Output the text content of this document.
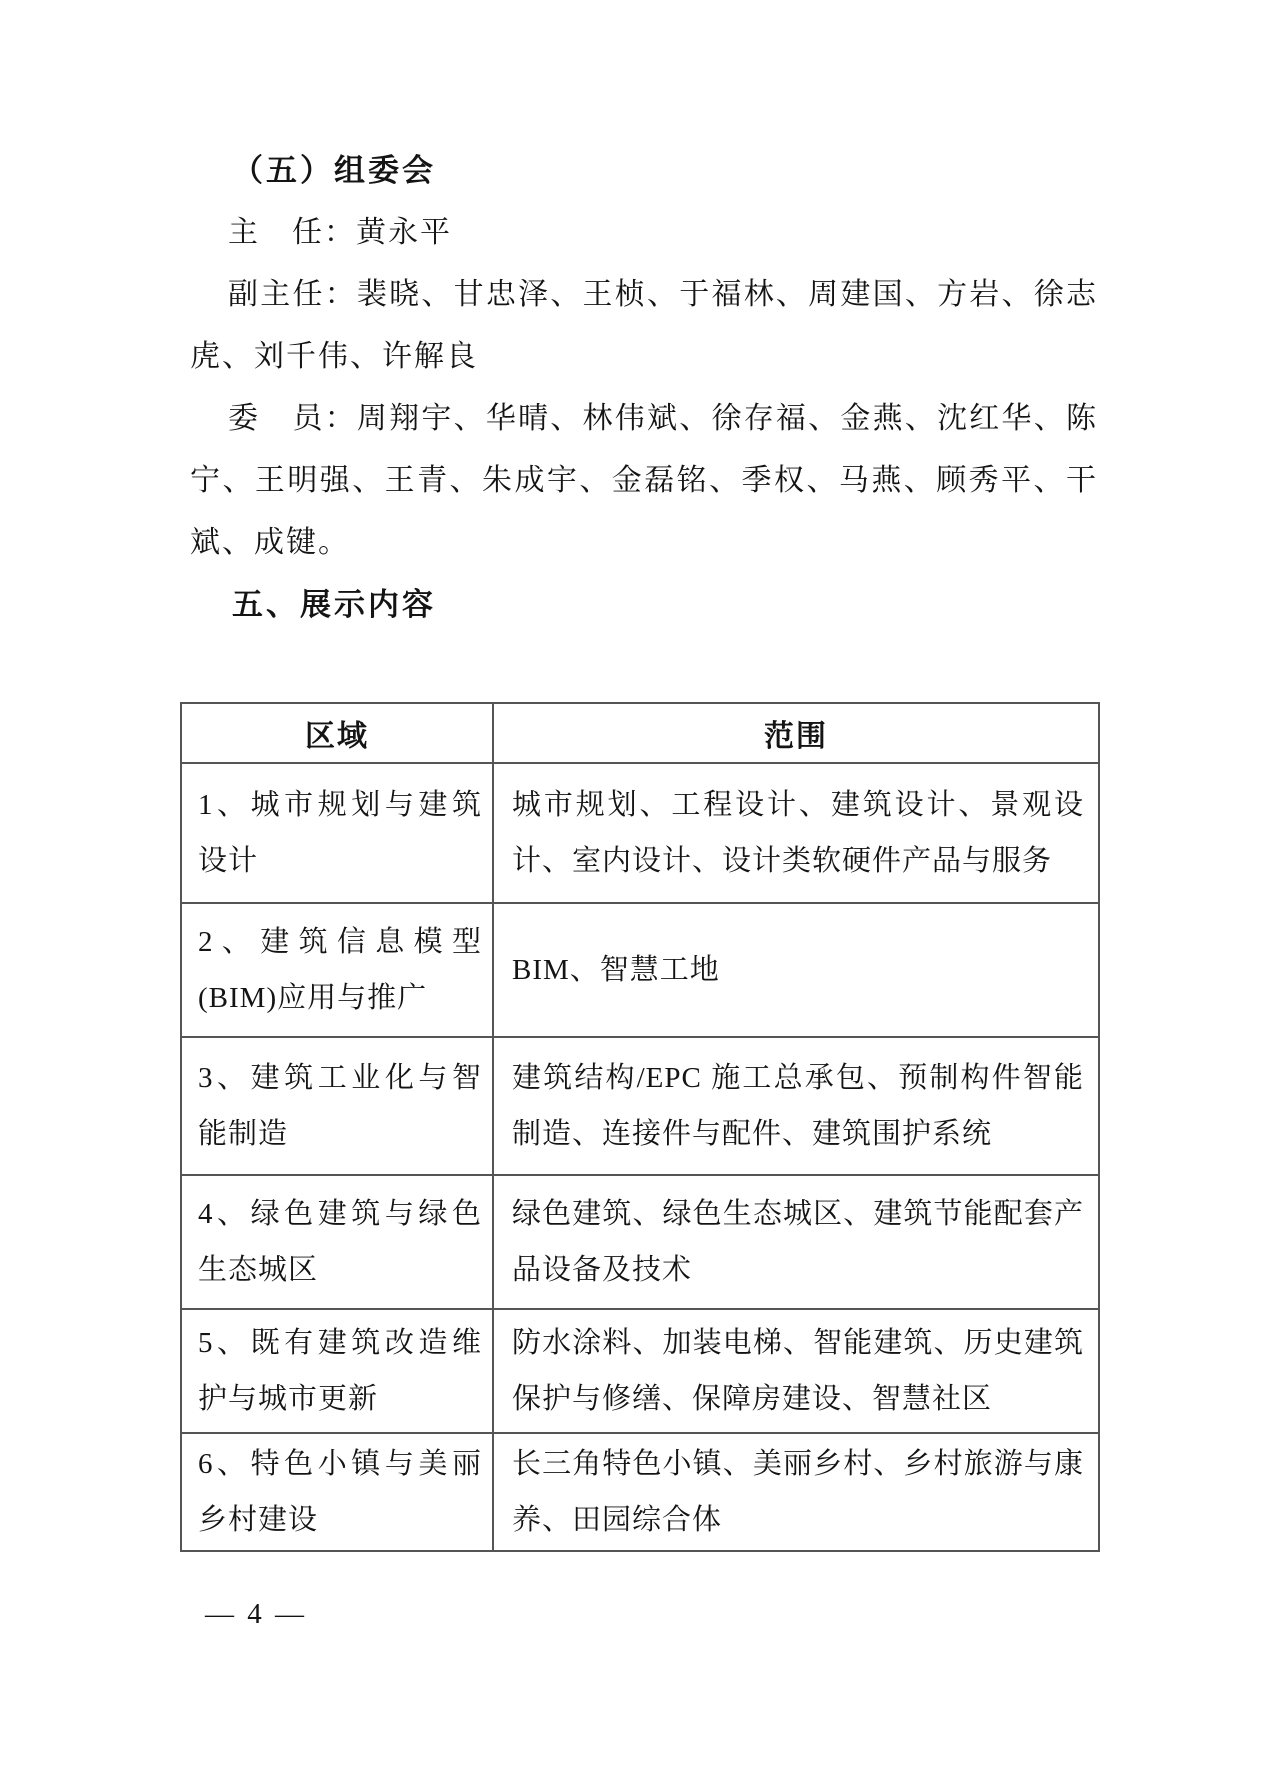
（五）组委会

主　任：黄永平

副主任：裴晓、甘忠泽、王桢、于福林、周建国、方岩、徐志虎、刘千伟、许解良

委　员：周翔宇、华晴、林伟斌、徐存福、金燕、沈红华、陈宁、王明强、王青、朱成宇、金磊铭、季权、马燕、顾秀平、干斌、成键。

五、展示内容
区域	范围
1、城市规划与建筑设计	城市规划、工程设计、建筑设计、景观设计、室内设计、设计类软硬件产品与服务
2、建筑信息模型(BIM)应用与推广	BIM、智慧工地
3、建筑工业化与智能制造	建筑结构/EPC 施工总承包、预制构件智能制造、连接件与配件、建筑围护系统
4、绿色建筑与绿色生态城区	绿色建筑、绿色生态城区、建筑节能配套产品设备及技术
5、既有建筑改造维护与城市更新	防水涂料、加装电梯、智能建筑、历史建筑保护与修缮、保障房建设、智慧社区
6、特色小镇与美丽乡村建设	长三角特色小镇、美丽乡村、乡村旅游与康养、田园综合体
— 4 —
